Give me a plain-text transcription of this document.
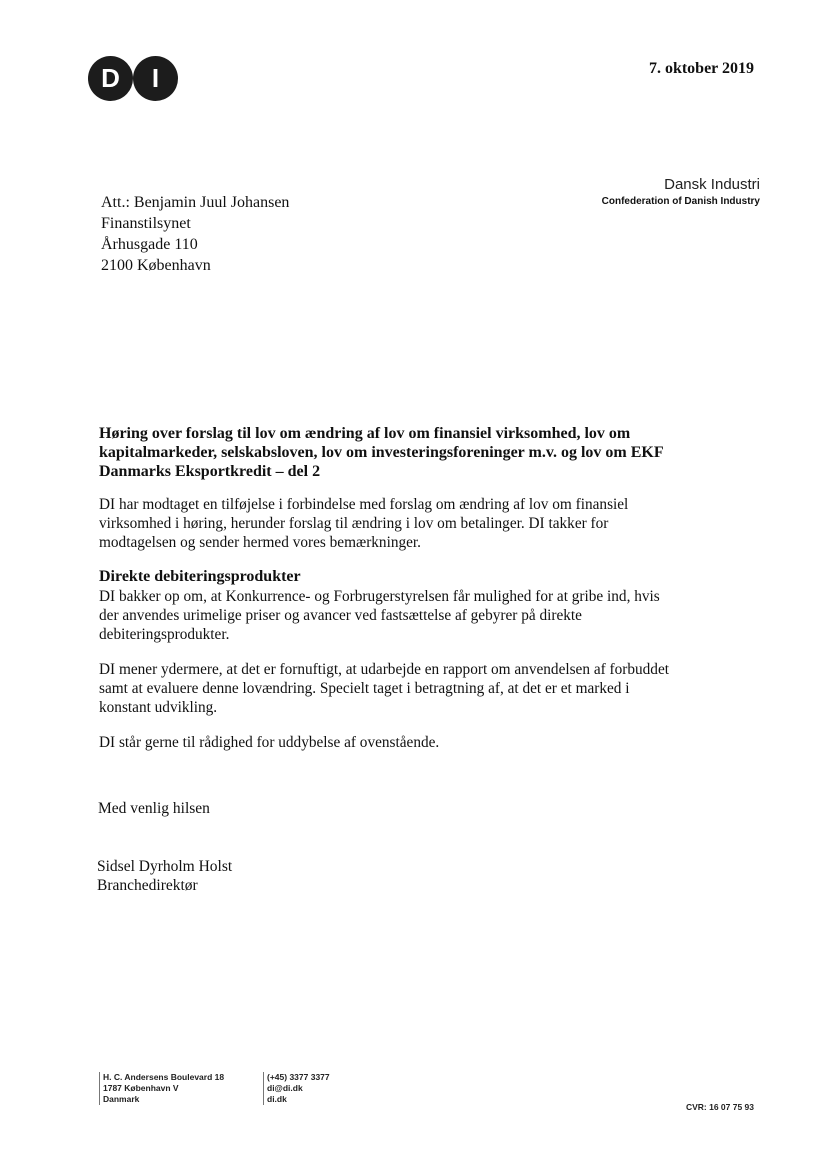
D	I	7. oktober 2019
Dansk Industri
Confederation of Danish Industry
Att.: Benjamin Juul Johansen
Finanstilsynet
Århusgade 110
2100 København
Høring over forslag til lov om ændring af lov om finansiel virksomhed, lov om kapitalmarkeder, selskabsloven, lov om investeringsforeninger m.v. og lov om EKF Danmarks Eksportkredit – del 2
DI har modtaget en tilføjelse i forbindelse med forslag om ændring af lov om finansiel virksomhed i høring, herunder forslag til ændring i lov om betalinger. DI takker for modtagelsen og sender hermed vores bemærkninger.
Direkte debiteringsprodukter
DI bakker op om, at Konkurrence- og Forbrugerstyrelsen får mulighed for at gribe ind, hvis der anvendes urimelige priser og avancer ved fastsættelse af gebyrer på direkte debiteringsprodukter.
DI mener ydermere, at det er fornuftigt, at udarbejde en rapport om anvendelsen af forbuddet samt at evaluere denne lovændring. Specielt taget i betragtning af, at det er et marked i konstant udvikling.
DI står gerne til rådighed for uddybelse af ovenstående.
Med venlig hilsen
Sidsel Dyrholm Holst
Branchedirektør
H. C. Andersens Boulevard 18
1787 København V
Danmark
(+45) 3377 3377
di@di.dk
di.dk
CVR: 16 07 75 93
